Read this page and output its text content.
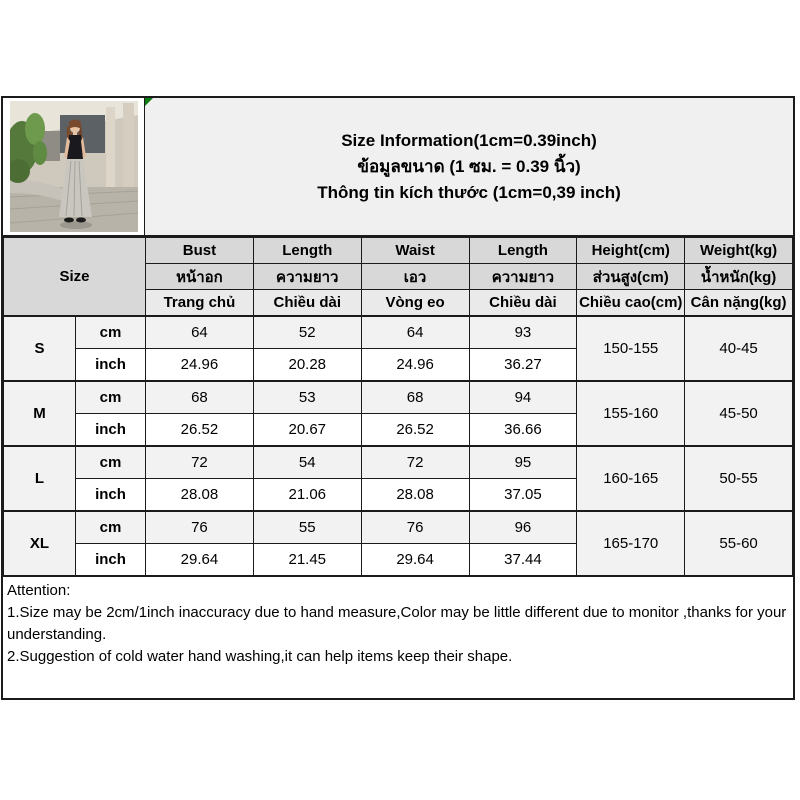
Size Information(1cm=0.39inch)
ข้อมูลขนาด (1 ซม. = 0.39 นิ้ว)
Thông tin kích thước (1cm=0,39 inch)
Size		Bust	Length	Waist	Length	Height(cm)	Weight(kg)
		หน้าอก	ความยาว	เอว	ความยาว	ส่วนสูง(cm)	น้ำหนัก(kg)
		Trang chủ	Chiều dài	Vòng eo	Chiều dài	Chiều cao(cm)	Cân nặng(kg)
S	cm	64	52	64	93	150-155	40-45
	inch	24.96	20.28	24.96	36.27		
M	cm	68	53	68	94	155-160	45-50
	inch	26.52	20.67	26.52	36.66		
L	cm	72	54	72	95	160-165	50-55
	inch	28.08	21.06	28.08	37.05		
XL	cm	76	55	76	96	165-170	55-60
	inch	29.64	21.45	29.64	37.44		
Attention:
1.Size may be 2cm/1inch inaccuracy due to hand measure,Color may be little different due to monitor ,thanks for your understanding.
2.Suggestion of cold water hand washing,it can help items keep their shape.
